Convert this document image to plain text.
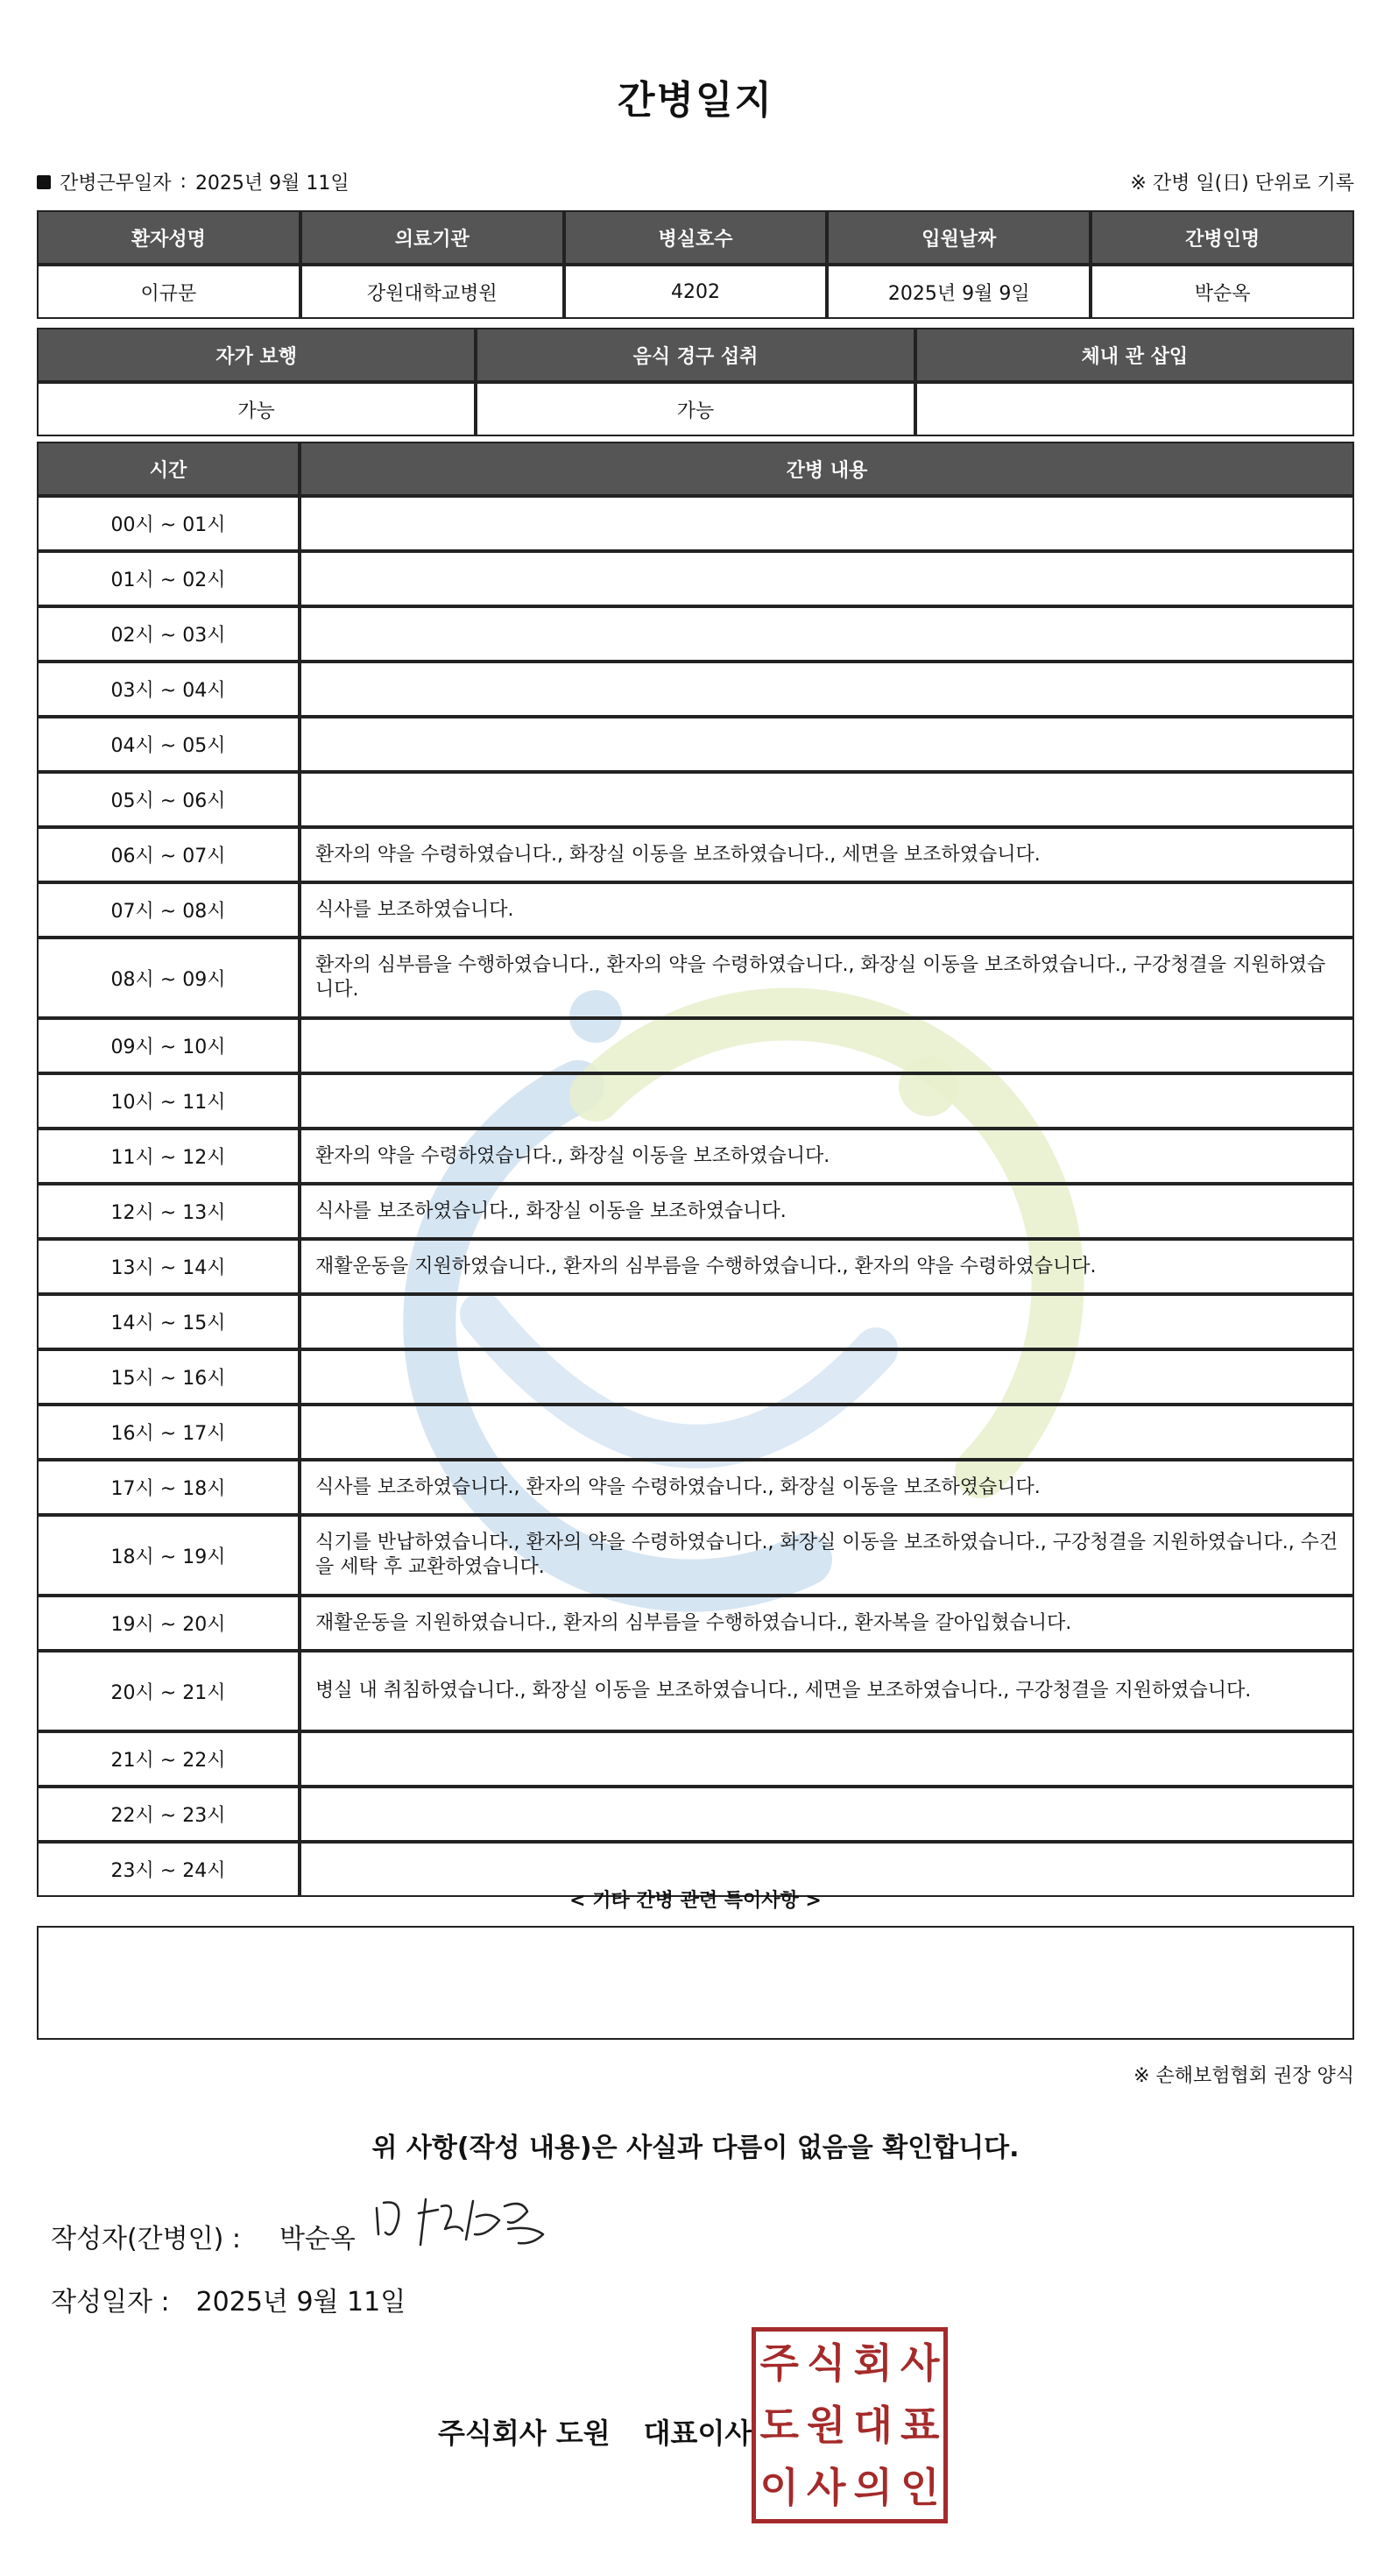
간병일지
간병근무일자 : 2025년 9월 11일	※ 간병 일(日) 단위로 기록
환자성명	의료기관	병실호수	입원날짜	간병인명
이규문	강원대학교병원	4202	2025년 9월 9일	박순옥
자가 보행	음식 경구 섭취	체내 관 삽입
가능	가능	
시간	간병 내용
00시 ~ 01시	
01시 ~ 02시	
02시 ~ 03시	
03시 ~ 04시	
04시 ~ 05시	
05시 ~ 06시	
06시 ~ 07시	환자의 약을 수령하였습니다., 화장실 이동을 보조하였습니다., 세면을 보조하였습니다.
07시 ~ 08시	식사를 보조하였습니다.
08시 ~ 09시	환자의 심부름을 수행하였습니다., 환자의 약을 수령하였습니다., 화장실 이동을 보조하였습니다., 구강청결을 지원하였습니다.
09시 ~ 10시	
10시 ~ 11시	
11시 ~ 12시	환자의 약을 수령하였습니다., 화장실 이동을 보조하였습니다.
12시 ~ 13시	식사를 보조하였습니다., 화장실 이동을 보조하였습니다.
13시 ~ 14시	재활운동을 지원하였습니다., 환자의 심부름을 수행하였습니다., 환자의 약을 수령하였습니다.
14시 ~ 15시	
15시 ~ 16시	
16시 ~ 17시	
17시 ~ 18시	식사를 보조하였습니다., 환자의 약을 수령하였습니다., 화장실 이동을 보조하였습니다.
18시 ~ 19시	식기를 반납하였습니다., 환자의 약을 수령하였습니다., 화장실 이동을 보조하였습니다., 구강청결을 지원하였습니다., 수건을 세탁 후 교환하였습니다.
19시 ~ 20시	재활운동을 지원하였습니다., 환자의 심부름을 수행하였습니다., 환자복을 갈아입혔습니다.
20시 ~ 21시	병실 내 취침하였습니다., 화장실 이동을 보조하였습니다., 세면을 보조하였습니다., 구강청결을 지원하였습니다.
21시 ~ 22시	
22시 ~ 23시	
23시 ~ 24시	
< 기타 간병 관련 특이사항 >
※ 손해보험협회 권장 양식
위 사항(작성 내용)은 사실과 다름이 없음을 확인합니다.
작성자(간병인) : 박순옥
작성일자 : 2025년 9월 11일
주식회사 도원 대표이사
주 식 회 사
도 원 대 표
이 사 의 인
